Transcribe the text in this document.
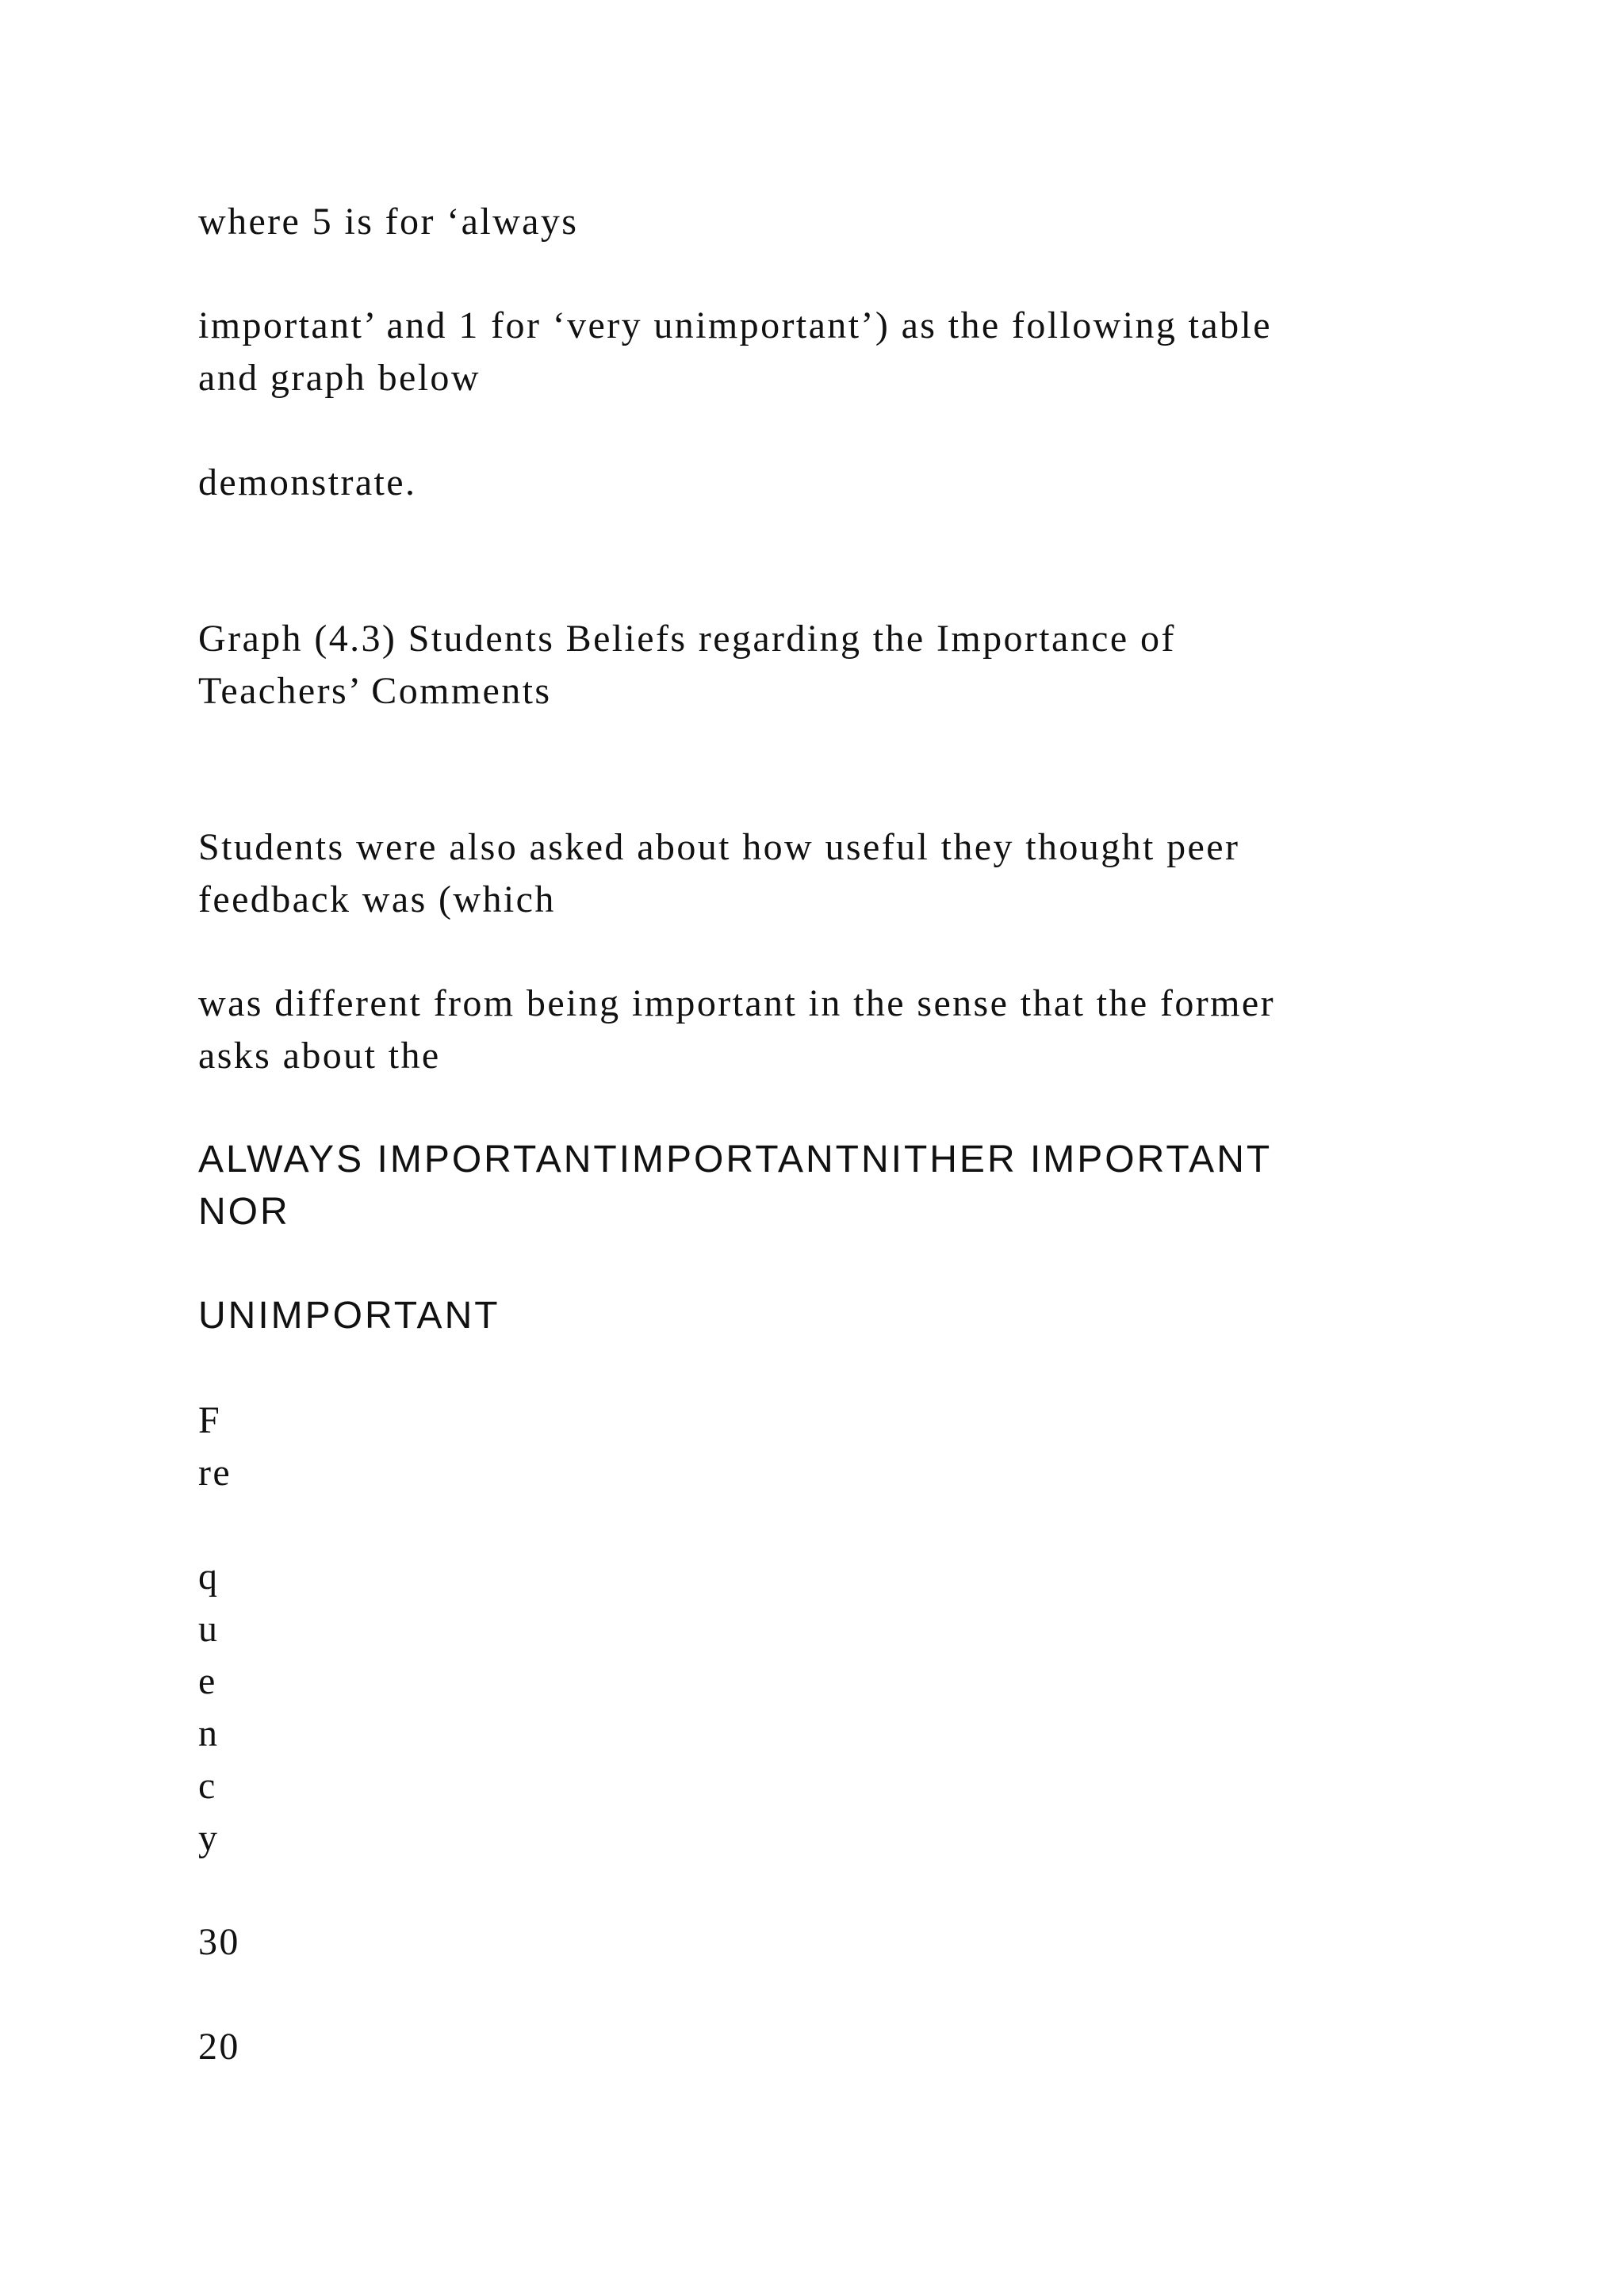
where 5 is for ‘always

important’ and 1 for ‘very unimportant’) as the following table

and graph below

demonstrate.

Graph (4.3) Students Beliefs regarding the Importance of

Teachers’ Comments

Students were also asked about how useful they thought peer

feedback was (which

was different from being important in the sense that the former

asks about the

ALWAYS IMPORTANTIMPORTANTNITHER IMPORTANT

NOR

UNIMPORTANT

F

re

q

u

e

n

c

y

30

20
